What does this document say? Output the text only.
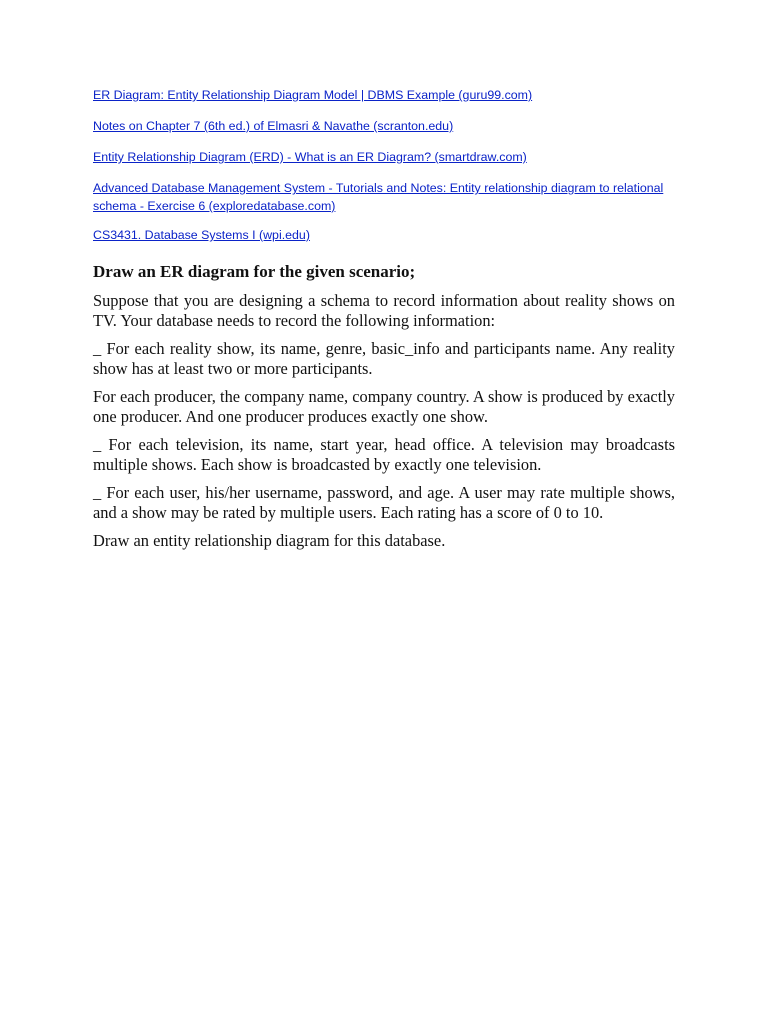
ER Diagram: Entity Relationship Diagram Model | DBMS Example (guru99.com)
Notes on Chapter 7 (6th ed.) of Elmasri & Navathe (scranton.edu)
Entity Relationship Diagram (ERD) - What is an ER Diagram? (smartdraw.com)
Advanced Database Management System - Tutorials and Notes: Entity relationship diagram to relational schema - Exercise 6 (exploredatabase.com)
CS3431. Database Systems I (wpi.edu)

Draw an ER diagram for the given scenario;

Suppose that you are designing a schema to record information about reality shows on TV. Your database needs to record the following information:

_ For each reality show, its name, genre, basic_info and participants name. Any reality show has at least two or more participants.

For each producer, the company name, company country. A show is produced by exactly one producer. And one producer produces exactly one show.

_ For each television, its name, start year, head office. A television may broadcasts multiple shows. Each show is broadcasted by exactly one television.

_ For each user, his/her username, password, and age. A user may rate multiple shows, and a show may be rated by multiple users. Each rating has a score of 0 to 10.

Draw an entity relationship diagram for this database.
